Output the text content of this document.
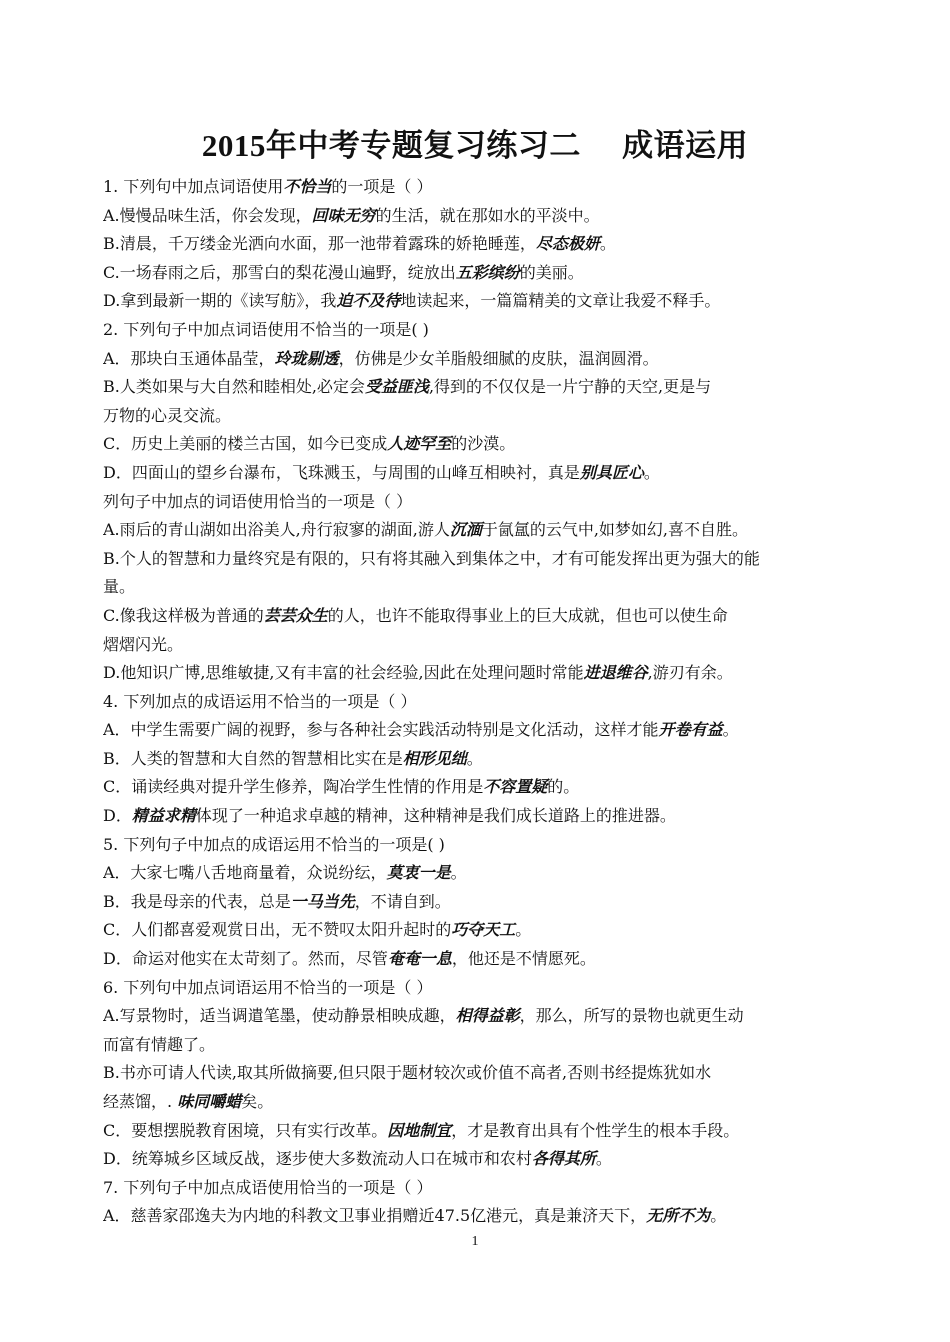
2015年中考专题复习练习二     成语运用
1. 下列句中加点词语使用不恰当的一项是（ ）
A.慢慢品味生活，你会发现，回味无穷的生活，就在那如水的平淡中。
B.清晨，千万缕金光洒向水面，那一池带着露珠的娇艳睡莲，尽态极妍。
C.一场春雨之后，那雪白的梨花漫山遍野，绽放出五彩缤纷的美丽。
D.拿到最新一期的《读写舫》，我迫不及待地读起来，一篇篇精美的文章让我爱不释手。
2. 下列句子中加点词语使用不恰当的一项是( )
A．那块白玉通体晶莹，玲珑剔透，仿佛是少女羊脂般细腻的皮肤，温润圆滑。
B.人类如果与大自然和睦相处,必定会受益匪浅,得到的不仅仅是一片宁静的天空,更是与
万物的心灵交流。
C．历史上美丽的楼兰古国，如今已变成人迹罕至的沙漠。
D．四面山的望乡台瀑布，飞珠溅玉，与周围的山峰互相映衬，真是别具匠心。
列句子中加点的词语使用恰当的一项是（ ）
A.雨后的青山湖如出浴美人,舟行寂寥的湖面,游人沉湎于氤氲的云气中,如梦如幻,喜不自胜。
B.个人的智慧和力量终究是有限的，只有将其融入到集体之中，才有可能发挥出更为强大的能
量。
C.像我这样极为普通的芸芸众生的人，也许不能取得事业上的巨大成就，但也可以使生命
熠熠闪光。
D.他知识广博,思维敏捷,又有丰富的社会经验,因此在处理问题时常能进退维谷,游刃有余。
4. 下列加点的成语运用不恰当的一项是（ ）
A．中学生需要广阔的视野，参与各种社会实践活动特别是文化活动，这样才能开卷有益。
B．人类的智慧和大自然的智慧相比实在是相形见绌。
C．诵读经典对提升学生修养，陶冶学生性情的作用是不容置疑的。
D．精益求精体现了一种追求卓越的精神，这种精神是我们成长道路上的推进器。
5. 下列句子中加点的成语运用不恰当的一项是( )
A．大家七嘴八舌地商量着，众说纷纭，莫衷一是。
B．我是母亲的代表，总是一马当先，不请自到。
C．人们都喜爱观赏日出，无不赞叹太阳升起时的巧夺天工。
D．命运对他实在太苛刻了。然而，尽管奄奄一息，他还是不情愿死。
6. 下列句中加点词语运用不恰当的一项是（ ）
A.写景物时，适当调遣笔墨，使动静景相映成趣，相得益彰，那么，所写的景物也就更生动
而富有情趣了。
B.书亦可请人代读,取其所做摘要,但只限于题材较次或价值不高者,否则书经提炼犹如水
经蒸馏，. 味同嚼蜡矣。
C．要想摆脱教育困境，只有实行改革。因地制宜，才是教育出具有个性学生的根本手段。
D．统筹城乡区域反战，逐步使大多数流动人口在城市和农村各得其所。
7. 下列句子中加点成语使用恰当的一项是（ ）
A．慈善家邵逸夫为内地的科教文卫事业捐赠近47.5亿港元，真是兼济天下，无所不为。
1
